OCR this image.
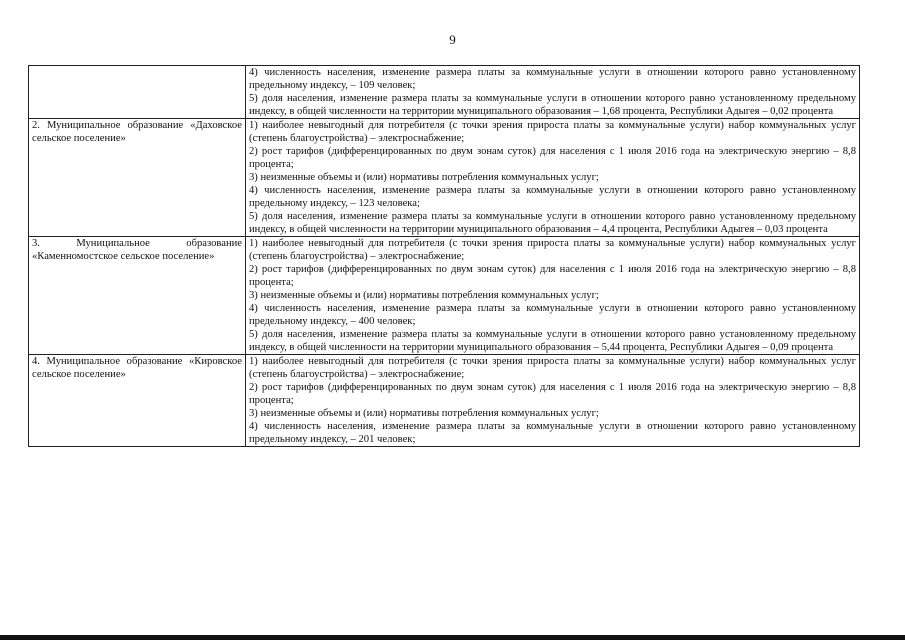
9

	4) численность населения, изменение размера платы за коммунальные услуги в отношении которого равно установленному предельному индексу, – 109 человек;
5) доля населения, изменение размера платы за коммунальные услуги в отношении которого равно установленному предельному индексу, в общей численности на территории муниципального образования – 1,68 процента, Республики Адыгея – 0,02 процента

2. Муниципальное образование «Даховское сельское поселение»	1) наиболее невыгодный для потребителя (с точки зрения прироста платы за коммунальные услуги) набор коммунальных услуг (степень благоустройства) – электроснабжение;
2) рост тарифов (дифференцированных по двум зонам суток) для населения с 1 июля 2016 года на электрическую энергию – 8,8 процента;
3) неизменные объемы и (или) нормативы потребления коммунальных услуг;
4) численность населения, изменение размера платы за коммунальные услуги в отношении которого равно установленному предельному индексу, – 123 человека;
5) доля населения, изменение размера платы за коммунальные услуги в отношении которого равно установленному предельному индексу, в общей численности на территории муниципального образования – 4,4 процента, Республики Адыгея – 0,03 процента

3. Муниципальное образование «Каменномостское сельское поселение»	1) наиболее невыгодный для потребителя (с точки зрения прироста платы за коммунальные услуги) набор коммунальных услуг (степень благоустройства) – электроснабжение;
2) рост тарифов (дифференцированных по двум зонам суток) для населения с 1 июля 2016 года на электрическую энергию – 8,8 процента;
3) неизменные объемы и (или) нормативы потребления коммунальных услуг;
4) численность населения, изменение размера платы за коммунальные услуги в отношении которого равно установленному предельному индексу, – 400 человек;
5) доля населения, изменение размера платы за коммунальные услуги в отношении которого равно установленному предельному индексу, в общей численности на территории муниципального образования – 5,44 процента, Республики Адыгея – 0,09 процента

4. Муниципальное образование «Кировское сельское поселение»	1) наиболее невыгодный для потребителя (с точки зрения прироста платы за коммунальные услуги) набор коммунальных услуг (степень благоустройства) – электроснабжение;
2) рост тарифов (дифференцированных по двум зонам суток) для населения с 1 июля 2016 года на электрическую энергию – 8,8 процента;
3) неизменные объемы и (или) нормативы потребления коммунальных услуг;
4) численность населения, изменение размера платы за коммунальные услуги в отношении которого равно установленному предельному индексу, – 201 человек;
